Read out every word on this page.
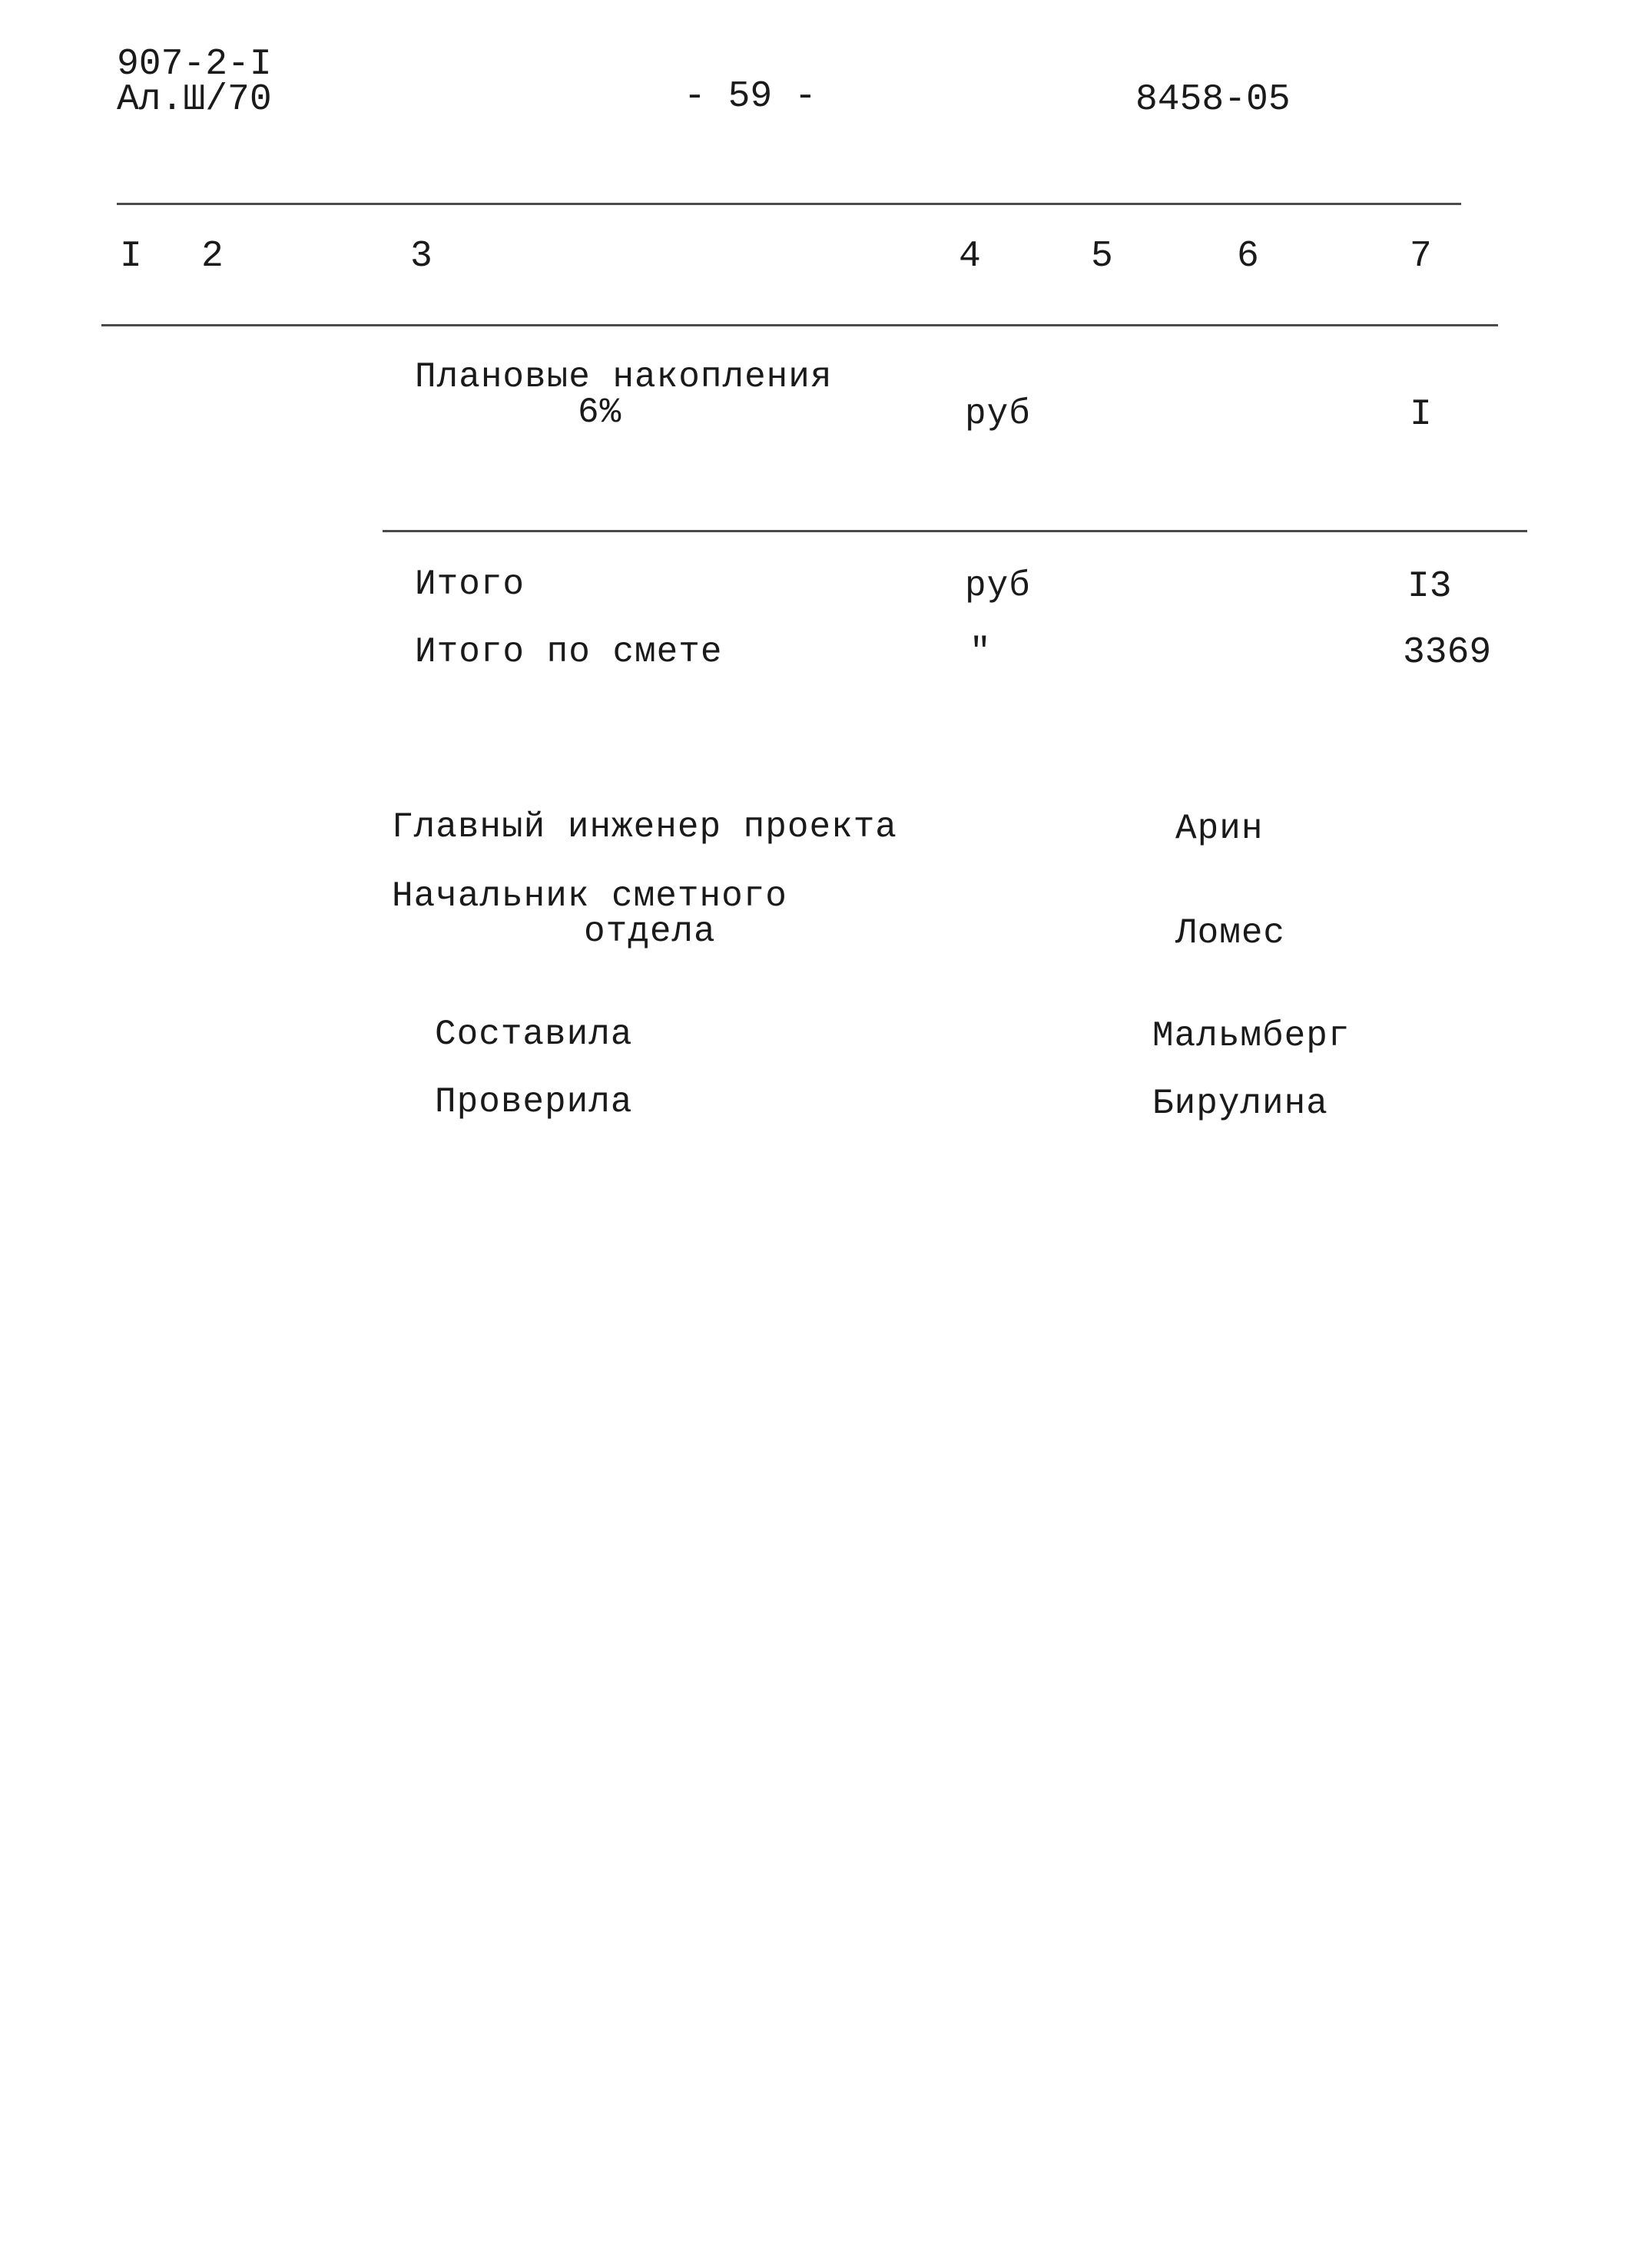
907-2-I
Ал.Ш/70	- 59 -	8458-05
I 2	3	4	5	6	7
Плановые накопления
6%	руб	I
Итого	руб	I3
Итого по смете	"	3369
Главный инженер проекта	Арин
Начальник сметного
отдела	Ломес
Составила	Мальмберг
Проверила	Бирулина
